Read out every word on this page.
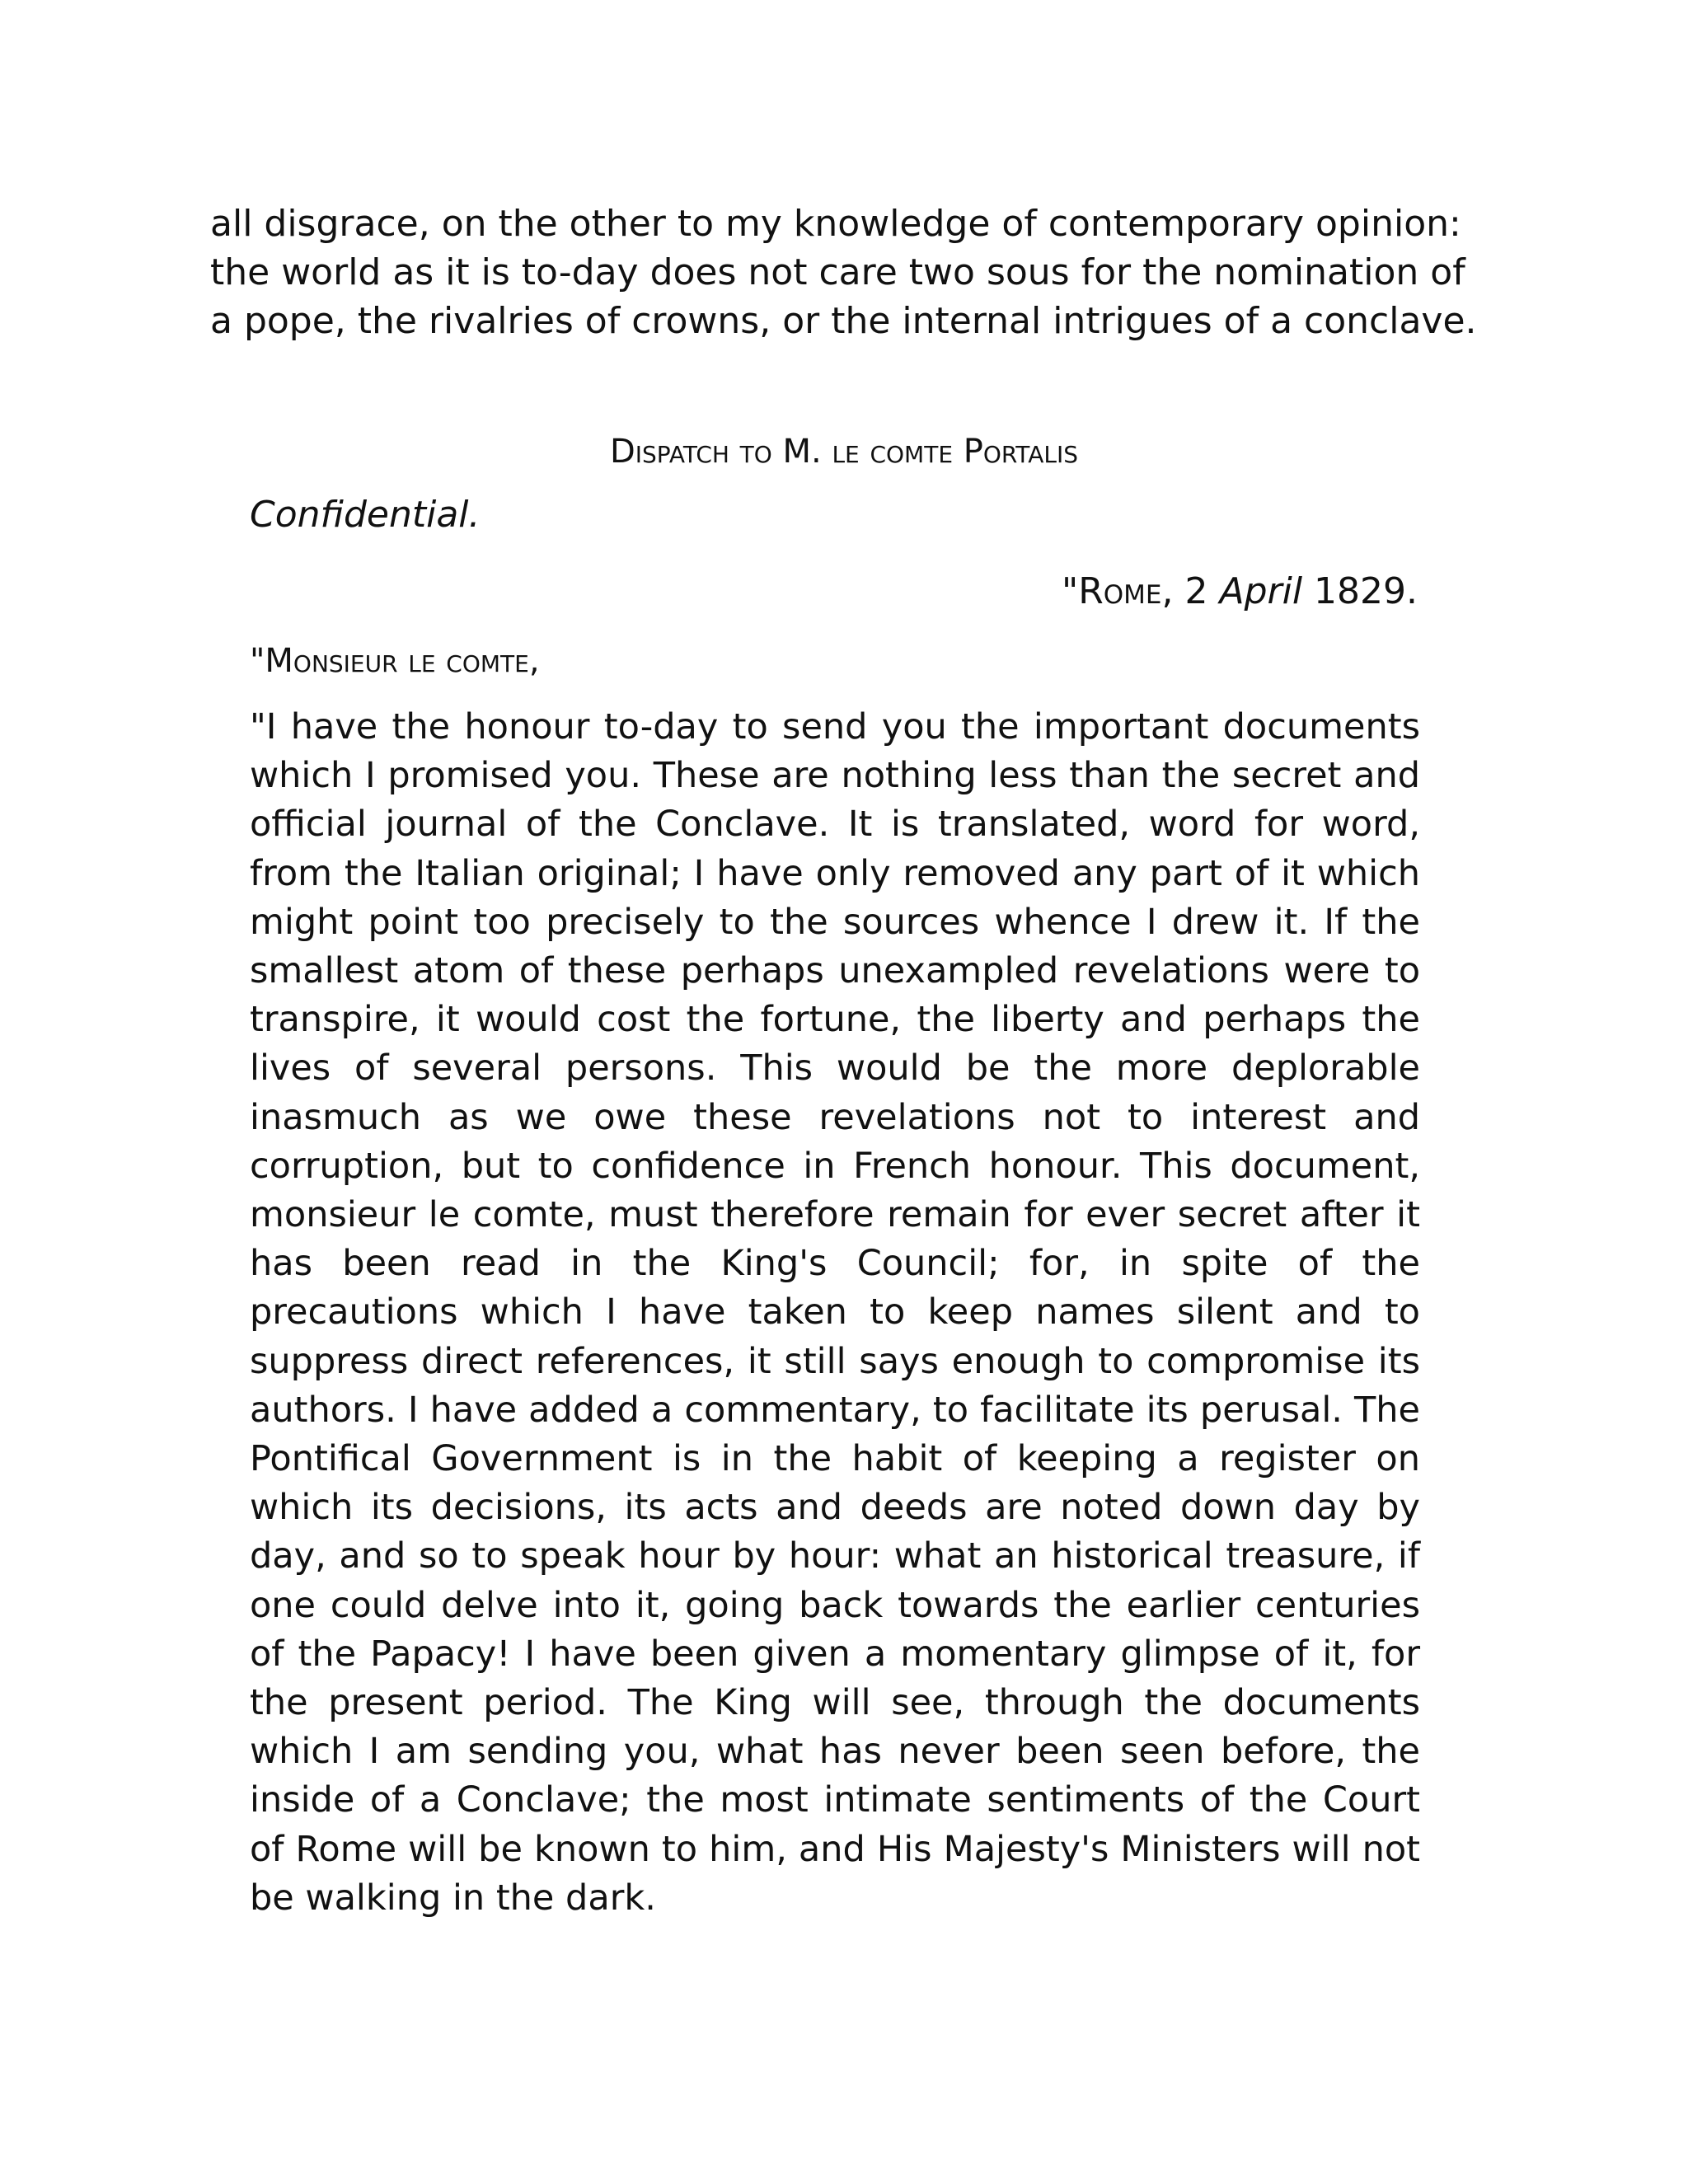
all disgrace, on the other to my knowledge of contemporary opinion: the world as it is to-day does not care two sous for the nomination of a pope, the rivalries of crowns, or the internal intrigues of a conclave.

Dispatch to M. le comte Portalis

Confidential.

"Rome, 2 April 1829.

"Monsieur le comte,

"I have the honour to-day to send you the important documents which I promised you. These are nothing less than the secret and official journal of the Conclave. It is translated, word for word, from the Italian original; I have only removed any part of it which might point too precisely to the sources whence I drew it. If the smallest atom of these perhaps unexampled revelations were to transpire, it would cost the fortune, the liberty and perhaps the lives of several persons. This would be the more deplorable inasmuch as we owe these revelations not to interest and corruption, but to confidence in French honour. This document, monsieur le comte, must therefore remain for ever secret after it has been read in the King's Council; for, in spite of the precautions which I have taken to keep names silent and to suppress direct references, it still says enough to compromise its authors. I have added a commentary, to facilitate its perusal. The Pontifical Government is in the habit of keeping a register on which its decisions, its acts and deeds are noted down day by day, and so to speak hour by hour: what an historical treasure, if one could delve into it, going back towards the earlier centuries of the Papacy! I have been given a momentary glimpse of it, for the present period. The King will see, through the documents which I am sending you, what has never been seen before, the inside of a Conclave; the most intimate sentiments of the Court of Rome will be known to him, and His Majesty's Ministers will not be walking in the dark.
